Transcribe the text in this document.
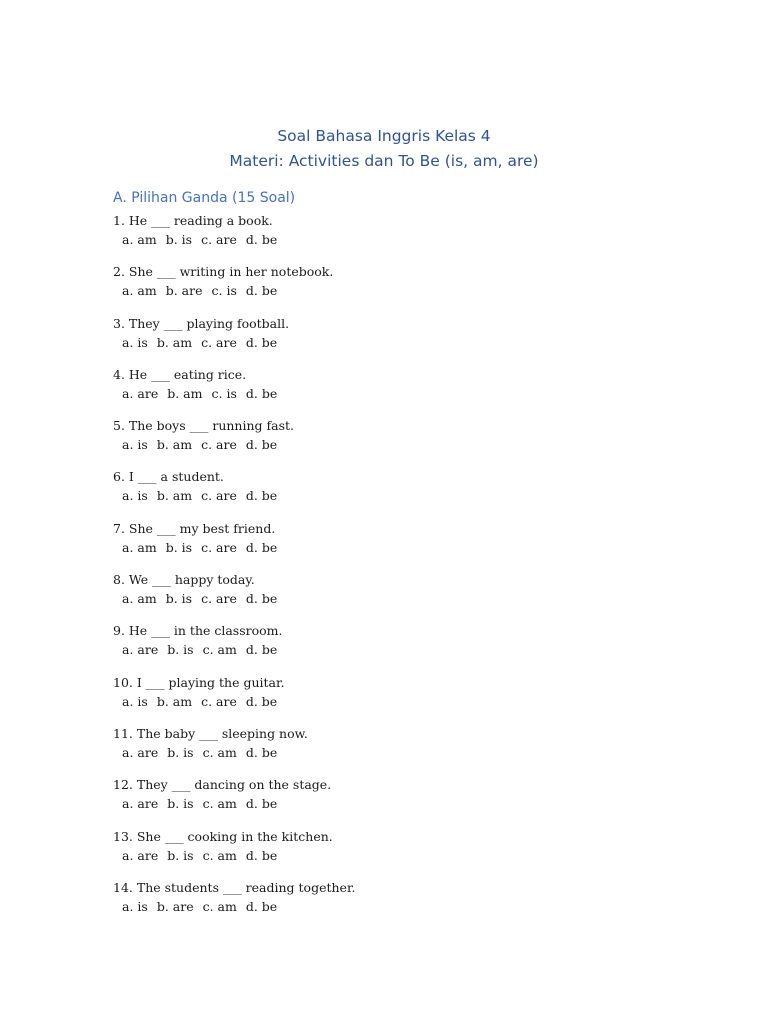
Soal Bahasa Inggris Kelas 4
Materi: Activities dan To Be (is, am, are)
A. Pilihan Ganda (15 Soal)
1. He ___ reading a book.
a. am b. is c. are d. be
2. She ___ writing in her notebook.
a. am b. are c. is d. be
3. They ___ playing football.
a. is b. am c. are d. be
4. He ___ eating rice.
a. are b. am c. is d. be
5. The boys ___ running fast.
a. is b. am c. are d. be
6. I ___ a student.
a. is b. am c. are d. be
7. She ___ my best friend.
a. am b. is c. are d. be
8. We ___ happy today.
a. am b. is c. are d. be
9. He ___ in the classroom.
a. are b. is c. am d. be
10. I ___ playing the guitar.
a. is b. am c. are d. be
11. The baby ___ sleeping now.
a. are b. is c. am d. be
12. They ___ dancing on the stage.
a. are b. is c. am d. be
13. She ___ cooking in the kitchen.
a. are b. is c. am d. be
14. The students ___ reading together.
a. is b. are c. am d. be
